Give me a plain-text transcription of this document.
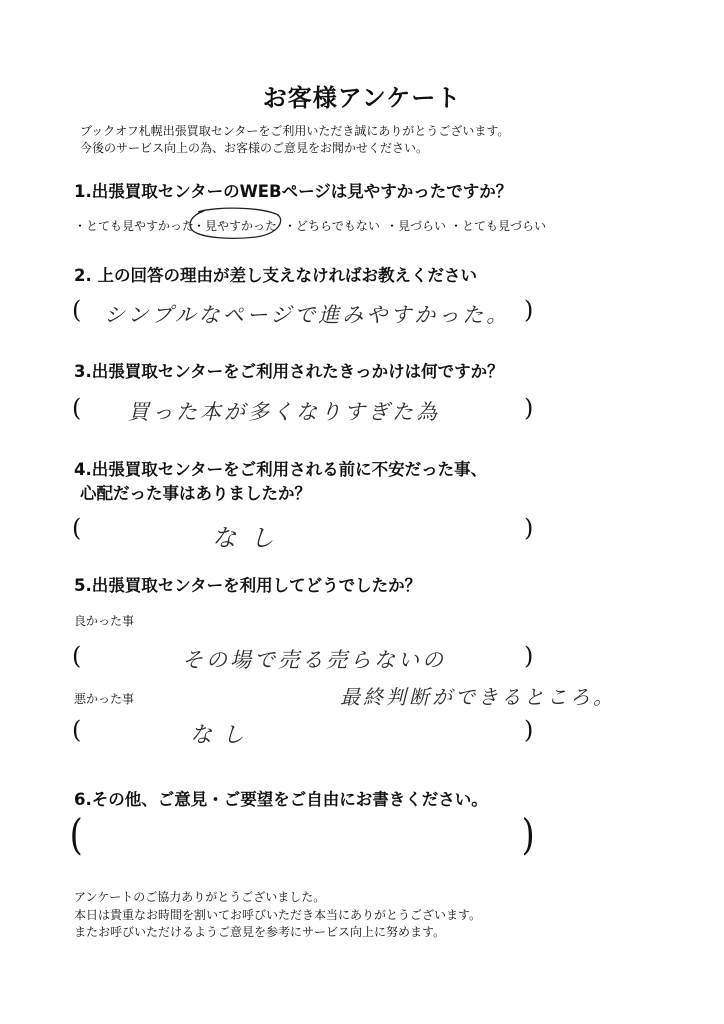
お客様アンケート
ブックオフ札幌出張買取センターをご利用いただき誠にありがとうございます。
今後のサービス向上の為、お客様のご意見をお聞かせください。
1.出張買取センターのWEBページは見やすかったですか？
・とても見やすかった
・見やすかった ・どちらでもない ・見づらい ・とても見づらい
2. 上の回答の理由が差し支えなければお教えください
( シンプルなページで進みやすかった。 )
3.出張買取センターをご利用されたきっかけは何ですか？
( 買った本が多くなりすぎた為	)
4.出張買取センターをご利用される前に不安だった事、
心配だった事はありましたか？
(	なし	)
5.出張買取センターを利用してどうでしたか？
良かった事
(	その場で売る売らないの	)
最終判断ができるところ。
悪かった事
(	なし	)
6.その他、ご意見・ご要望をご自由にお書きください。
(	)
アンケートのご協力ありがとうございました。
本日は貴重なお時間を割いてお呼びいただき本当にありがとうございます。
またお呼びいただけるようご意見を参考にサービス向上に努めます。
